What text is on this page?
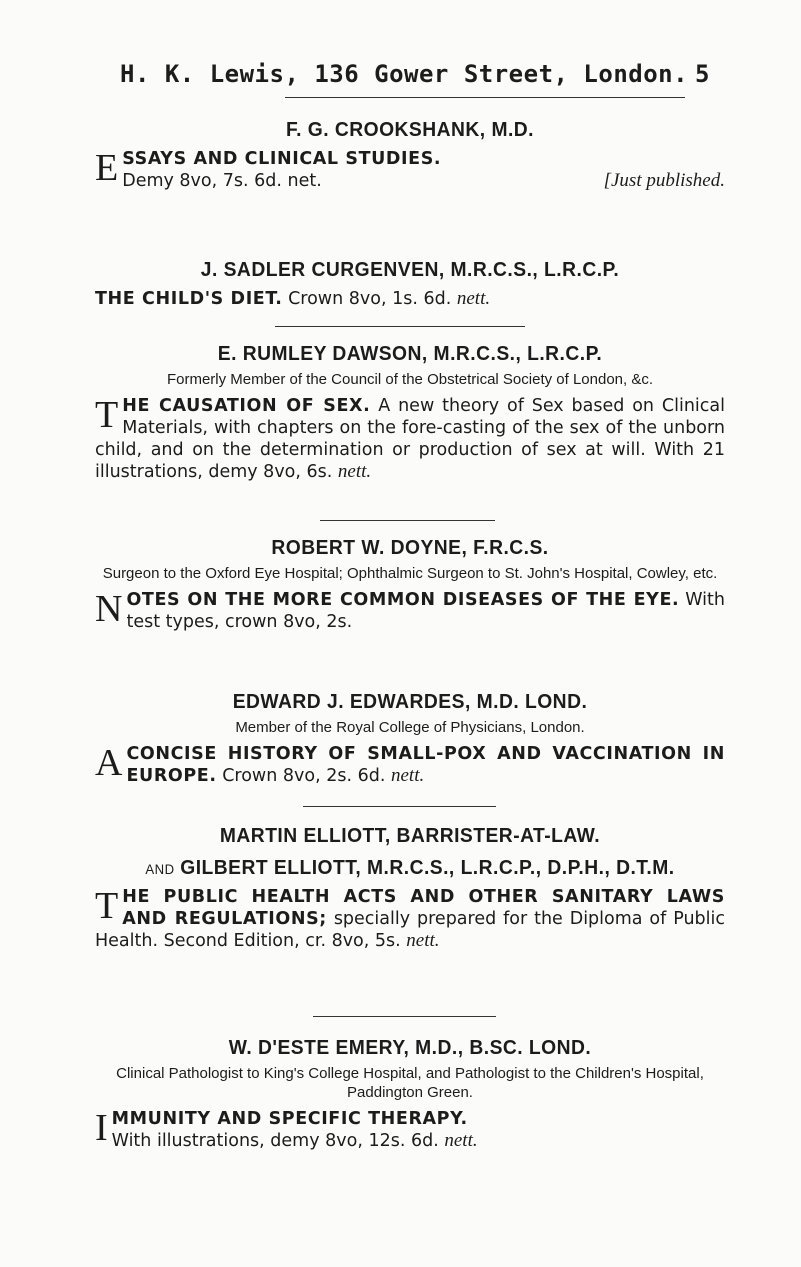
H. K. Lewis, 136 Gower Street, London. 5
F. G. CROOKSHANK, M.D.
E SSAYS AND CLINICAL STUDIES.
Demy 8vo, 7s. 6d. net.	[Just published.
J. SADLER CURGENVEN, M.R.C.S., L.R.C.P.
THE CHILD'S DIET. Crown 8vo, 1s. 6d. nett.
E. RUMLEY DAWSON, M.R.C.S., L.R.C.P.
Formerly Member of the Council of the Obstetrical Society of London, &c.
T HE CAUSATION OF SEX. A new theory of Sex based on Clinical Materials, with chapters on the fore-casting of the sex of the unborn child, and on the determination or production of sex at will. With 21 illustrations, demy 8vo, 6s. nett.
ROBERT W. DOYNE, F.R.C.S.
Surgeon to the Oxford Eye Hospital; Ophthalmic Surgeon to St. John's Hospital, Cowley, etc.
N OTES ON THE MORE COMMON DISEASES OF THE EYE. With test types, crown 8vo, 2s.
EDWARD J. EDWARDES, M.D. LOND.
Member of the Royal College of Physicians, London.
A CONCISE HISTORY OF SMALL-POX AND VACCINATION IN EUROPE. Crown 8vo, 2s. 6d. nett.
MARTIN ELLIOTT, BARRISTER-AT-LAW.
AND GILBERT ELLIOTT, M.R.C.S., L.R.C.P., D.P.H., D.T.M.
T HE PUBLIC HEALTH ACTS AND OTHER SANITARY LAWS AND REGULATIONS; specially prepared for the Diploma of Public Health. Second Edition, cr. 8vo, 5s. nett.
W. D'ESTE EMERY, M.D., B.SC. LOND.
Clinical Pathologist to King's College Hospital, and Pathologist to the Children's Hospital, Paddington Green.
I MMUNITY AND SPECIFIC THERAPY.
With illustrations, demy 8vo, 12s. 6d. nett.
